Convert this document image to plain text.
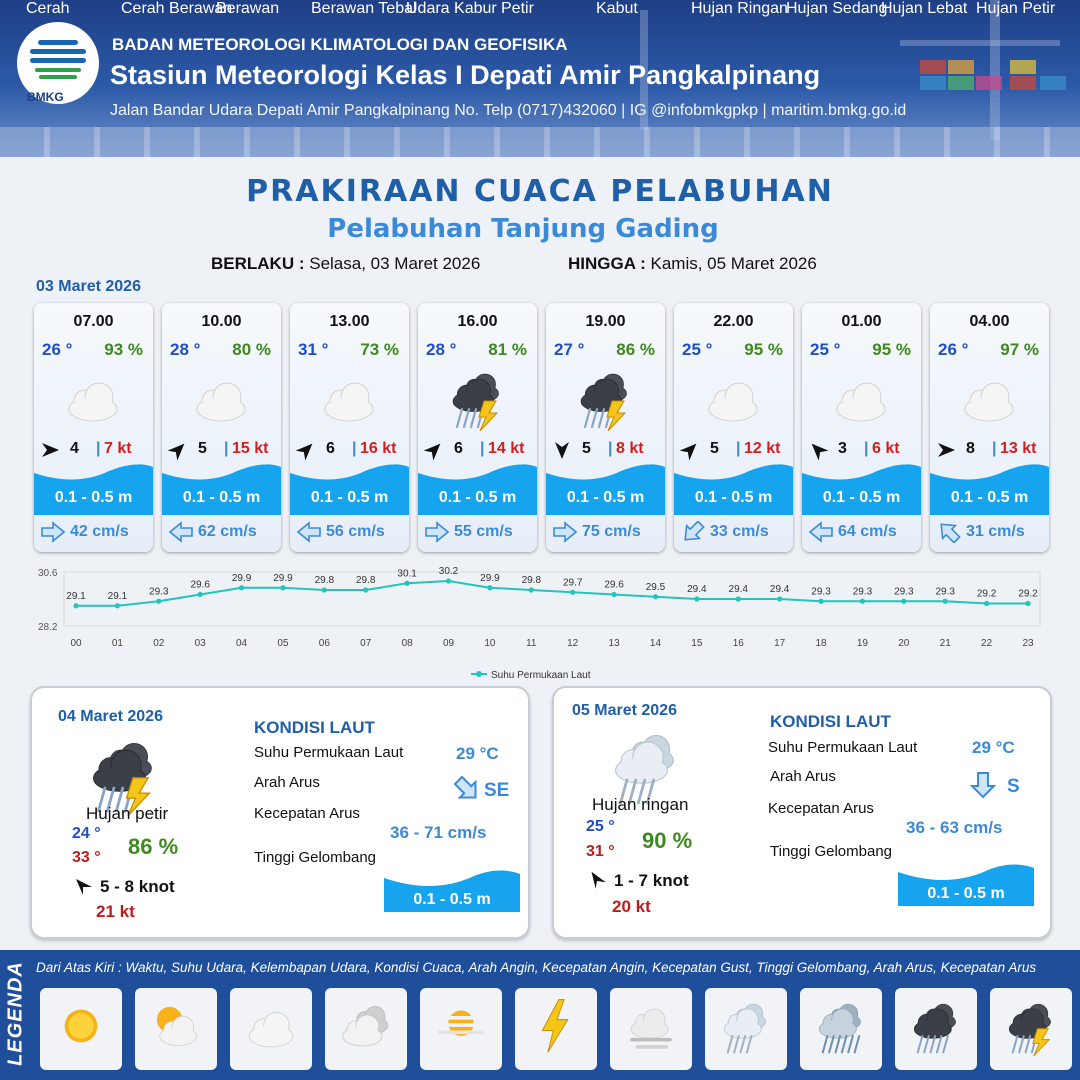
BMKG
BADAN METEOROLOGI KLIMATOLOGI DAN GEOFISIKA
Stasiun Meteorologi Kelas I Depati Amir Pangkalpinang
Jalan Bandar Udara Depati Amir Pangkalpinang No. Telp (0717)432060 | IG @infobmkgpkp | maritim.bmkg.go.id
PRAKIRAAN CUACA PELABUHAN
Pelabuhan Tanjung Gading
BERLAKU : Selasa, 03 Maret 2026	HINGGA : Kamis, 05 Maret 2026
03 Maret 2026
07.00
26 ° 93 %
4 | 7 kt
0.1 - 0.5 m
42 cm/s
10.00
28 ° 80 %
5 | 15 kt
0.1 - 0.5 m
62 cm/s
13.00
31 ° 73 %
6 | 16 kt
0.1 - 0.5 m
56 cm/s
16.00
28 ° 81 %
6 | 14 kt
0.1 - 0.5 m
55 cm/s
19.00
27 ° 86 %
5 | 8 kt
0.1 - 0.5 m
75 cm/s
22.00
25 ° 95 %
5 | 12 kt
0.1 - 0.5 m
33 cm/s
01.00
25 ° 95 %
3 | 6 kt
0.1 - 0.5 m
64 cm/s
04.00
26 ° 97 %
8 | 13 kt
0.1 - 0.5 m
31 cm/s
30.6
28.2
29.1
00
29.1
01
29.3
02
29.6
03
29.9
04
29.9
05
29.8
06
29.8
07
30.1
08
30.2
09
29.9
10
29.8
11
29.7
12
29.6
13
29.5
14
29.4
15
29.4
16
29.4
17
29.3
18
29.3
19
29.3
20
29.3
21
29.2
22
29.2
23
Suhu Permukaan Laut
04 Maret 2026
Hujan petir
24 °
33 ° 86 %
5 - 8 knot
21 kt
KONDISI LAUT
Suhu Permukaan Laut	29 °C
Arah Arus	SE
Kecepatan Arus
36 - 71 cm/s
Tinggi Gelombang
0.1 - 0.5 m
05 Maret 2026
Hujan ringan
25 °
31 ° 90 %
1 - 7 knot
20 kt
KONDISI LAUT
Suhu Permukaan Laut	29 °C
Arah Arus	S
Kecepatan Arus
36 - 63 cm/s
Tinggi Gelombang
0.1 - 0.5 m
LEGENDA Dari Atas Kiri : Waktu, Suhu Udara, Kelembapan Udara, Kondisi Cuaca, Arah Angin, Kecepatan Angin, Kecepatan Gust, Tinggi Gelombang, Arah Arus, Kecepatan Arus
Cerah	Cerah Berawan
Berawan Berawan Tebal
Udara Kabur Petir	Kabut	Hujan Ringan
Hujan Sedang
Hujan Lebat Hujan Petir
